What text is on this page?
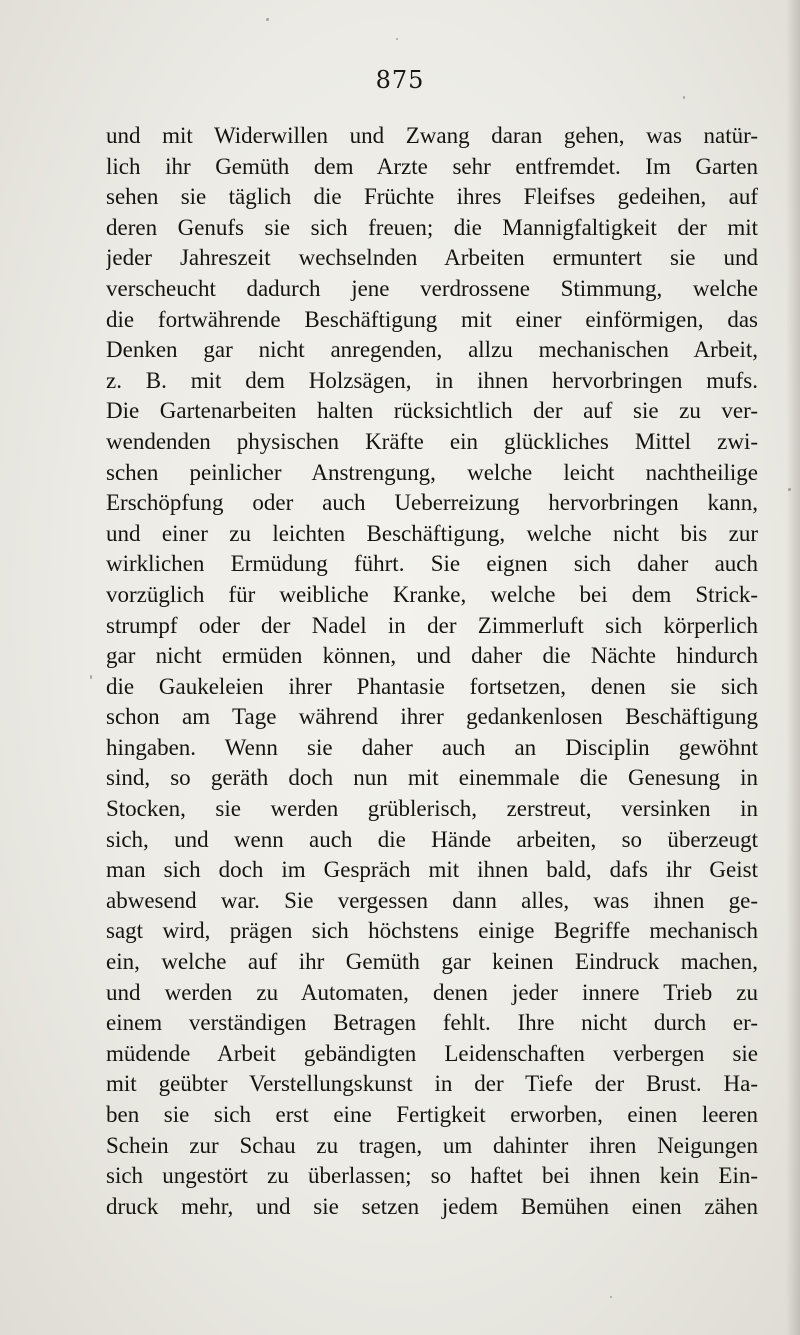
875
und mit Widerwillen und Zwang daran gehen, was natür-
lich ihr Gemüth dem Arzte sehr entfremdet. Im Garten
sehen sie täglich die Früchte ihres Fleifses gedeihen, auf
deren Genufs sie sich freuen; die Mannigfaltigkeit der mit
jeder Jahreszeit wechselnden Arbeiten ermuntert sie und
verscheucht dadurch jene verdrossene Stimmung, welche
die fortwährende Beschäftigung mit einer einförmigen, das
Denken gar nicht anregenden, allzu mechanischen Arbeit,
z. B. mit dem Holzsägen, in ihnen hervorbringen mufs.
Die Gartenarbeiten halten rücksichtlich der auf sie zu ver-
wendenden physischen Kräfte ein glückliches Mittel zwi-
schen peinlicher Anstrengung, welche leicht nachtheilige
Erschöpfung oder auch Ueberreizung hervorbringen kann,
und einer zu leichten Beschäftigung, welche nicht bis zur
wirklichen Ermüdung führt. Sie eignen sich daher auch
vorzüglich für weibliche Kranke, welche bei dem Strick-
strumpf oder der Nadel in der Zimmerluft sich körperlich
gar nicht ermüden können, und daher die Nächte hindurch
die Gaukeleien ihrer Phantasie fortsetzen, denen sie sich
schon am Tage während ihrer gedankenlosen Beschäftigung
hingaben. Wenn sie daher auch an Disciplin gewöhnt
sind, so geräth doch nun mit einemmale die Genesung in
Stocken, sie werden grüblerisch, zerstreut, versinken in
sich, und wenn auch die Hände arbeiten, so überzeugt
man sich doch im Gespräch mit ihnen bald, dafs ihr Geist
abwesend war. Sie vergessen dann alles, was ihnen ge-
sagt wird, prägen sich höchstens einige Begriffe mechanisch
ein, welche auf ihr Gemüth gar keinen Eindruck machen,
und werden zu Automaten, denen jeder innere Trieb zu
einem verständigen Betragen fehlt. Ihre nicht durch er-
müdende Arbeit gebändigten Leidenschaften verbergen sie
mit geübter Verstellungskunst in der Tiefe der Brust. Ha-
ben sie sich erst eine Fertigkeit erworben, einen leeren
Schein zur Schau zu tragen, um dahinter ihren Neigungen
sich ungestört zu überlassen; so haftet bei ihnen kein Ein-
druck mehr, und sie setzen jedem Bemühen einen zähen
